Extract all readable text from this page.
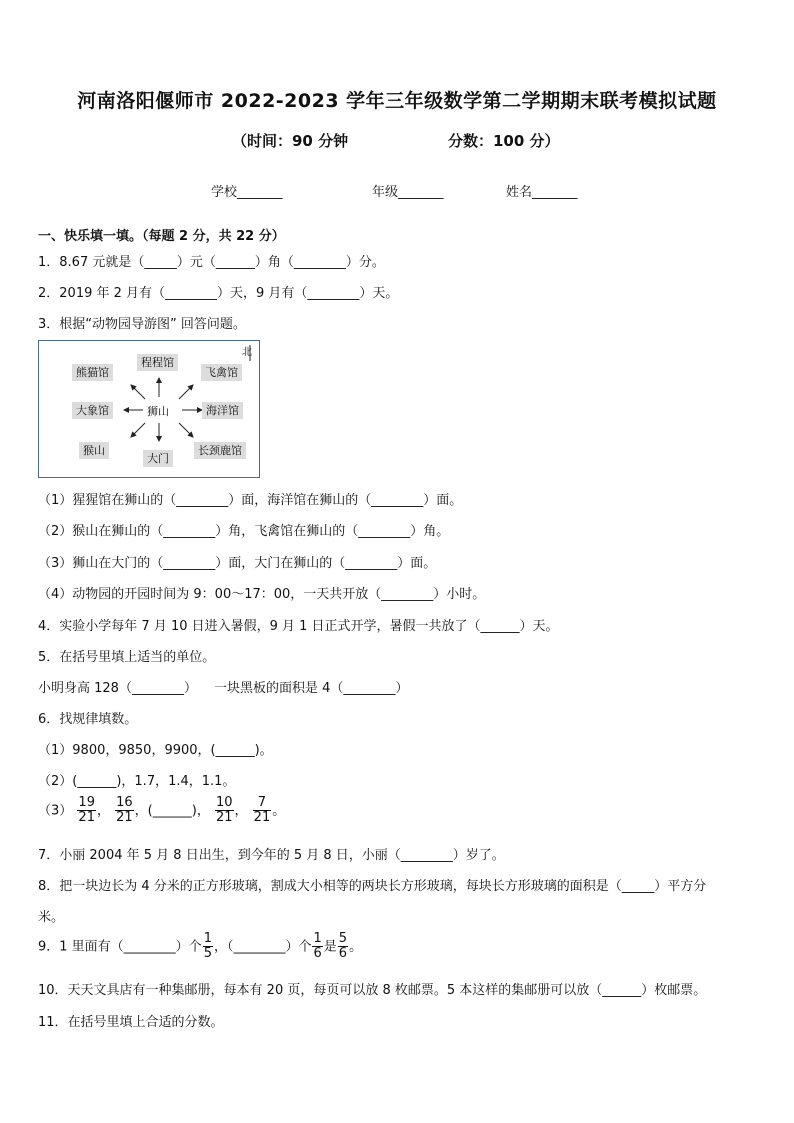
河南洛阳偃师市 2022-2023 学年三年级数学第二学期期末联考模拟试题
（时间：90 分钟	分数：100 分）
学校_______	年级_______	姓名_______
一、快乐填一填。（每题 2 分，共 22 分）
1．8.67 元就是（_____）元（______）角（________）分。
2．2019 年 2 月有（________）天，9 月有（________）天。
3．根据“动物园导游图” 回答问题。
北
熊猫馆
程程馆
飞禽馆
大象馆	狮山	海洋馆
猴山
大门
长颈鹿馆
（1）猩猩馆在狮山的（________）面，海洋馆在狮山的（________）面。
（2）猴山在狮山的（________）角，飞禽馆在狮山的（________）角。
（3）狮山在大门的（________）面，大门在狮山的（________）面。
（4）动物园的开园时间为 9：00～17：00，一天共开放（________）小时。
4．实验小学每年 7 月 10 日进入暑假，9 月 1 日正式开学，暑假一共放了（______）天。
5．在括号里填上适当的单位。
小明身高 128（________） 一块黑板的面积是 4（________）
6．找规律填数。
（1）9800，9850，9900，(______)。
（2）(______)，1.7，1.4，1.1。
$(3) \frac{19}{21}$ ， $\frac{16}{21}$ ，(______)， $\frac{10}{21}$ ， $\frac{7}{21}$ 。
7．小丽 2004 年 5 月 8 日出生，到今年的 5 月 8 日，小丽（________）岁了。
8．把一块边长为 4 分米的正方形玻璃，割成大小相等的两块长方形玻璃，每块长方形玻璃的面积是（_____）平方分
米。
9．1 里面有（________）个 $\frac{1}{5}$ ，（________）个 $\frac{1}{6}$ 是 $\frac{5}{6}$ 。
10．天天文具店有一种集邮册，每本有 20 页，每页可以放 8 枚邮票。5 本这样的集邮册可以放（______）枚邮票。
11．在括号里填上合适的分数。
